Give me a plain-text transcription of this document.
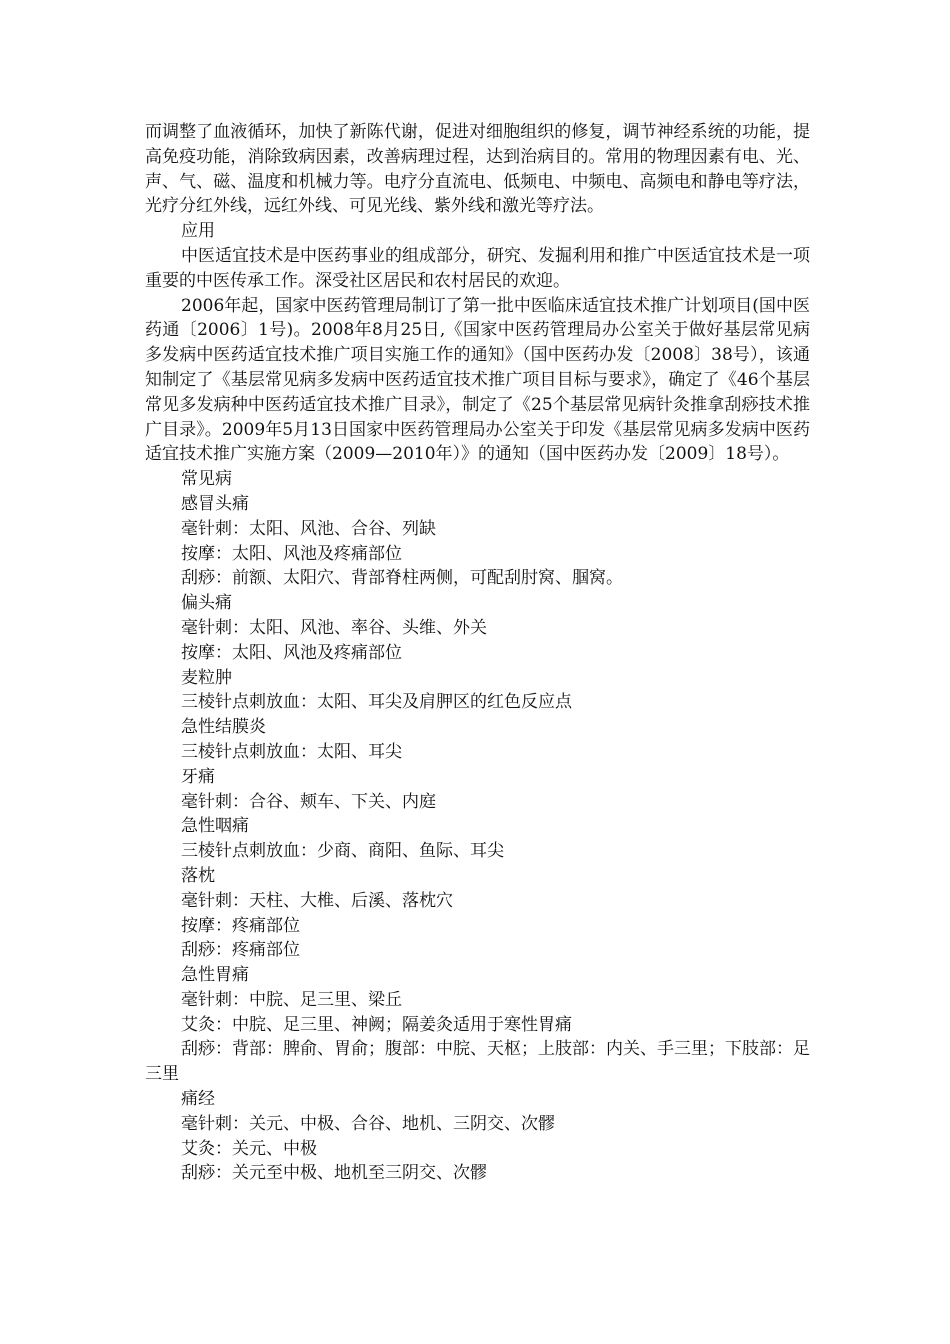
而调整了血液循环，加快了新陈代谢，促进对细胞组织的修复，调节神经系统的功能，提高免疫功能，消除致病因素，改善病理过程，达到治病目的。常用的物理因素有电、光、声、气、磁、温度和机械力等。电疗分直流电、低频电、中频电、高频电和静电等疗法，光疗分红外线，远红外线、可见光线、紫外线和激光等疗法。

应用

中医适宜技术是中医药事业的组成部分，研究、发掘利用和推广中医适宜技术是一项重要的中医传承工作。深受社区居民和农村居民的欢迎。

2006年起，国家中医药管理局制订了第一批中医临床适宜技术推广计划项目(国中医药通〔2006〕1号)。2008年8月25日,《国家中医药管理局办公室关于做好基层常见病多发病中医药适宜技术推广项目实施工作的通知》（国中医药办发〔2008〕38号），该通知制定了《基层常见病多发病中医药适宜技术推广项目目标与要求》，确定了《46个基层常见多发病种中医药适宜技术推广目录》，制定了《25个基层常见病针灸推拿刮痧技术推广目录》。2009年5月13日国家中医药管理局办公室关于印发《基层常见病多发病中医药适宜技术推广实施方案（2009—2010年）》的通知（国中医药办发〔2009〕18号）。

常见病

感冒头痛

毫针刺：太阳、风池、合谷、列缺

按摩：太阳、风池及疼痛部位

刮痧：前额、太阳穴、背部脊柱两侧，可配刮肘窝、腘窝。

偏头痛

毫针刺：太阳、风池、率谷、头维、外关

按摩：太阳、风池及疼痛部位

麦粒肿

三棱针点刺放血：太阳、耳尖及肩胛区的红色反应点

急性结膜炎

三棱针点刺放血：太阳、耳尖

牙痛

毫针刺：合谷、颊车、下关、内庭

急性咽痛

三棱针点刺放血：少商、商阳、鱼际、耳尖

落枕

毫针刺：天柱、大椎、后溪、落枕穴

按摩：疼痛部位

刮痧：疼痛部位

急性胃痛

毫针刺：中脘、足三里、梁丘

艾灸：中脘、足三里、神阙；隔姜灸适用于寒性胃痛

刮痧：背部：脾俞、胃俞；腹部：中脘、天枢；上肢部：内关、手三里；下肢部：足三里

痛经

毫针刺：关元、中极、合谷、地机、三阴交、次髎

艾灸：关元、中极

刮痧：关元至中极、地机至三阴交、次髎
